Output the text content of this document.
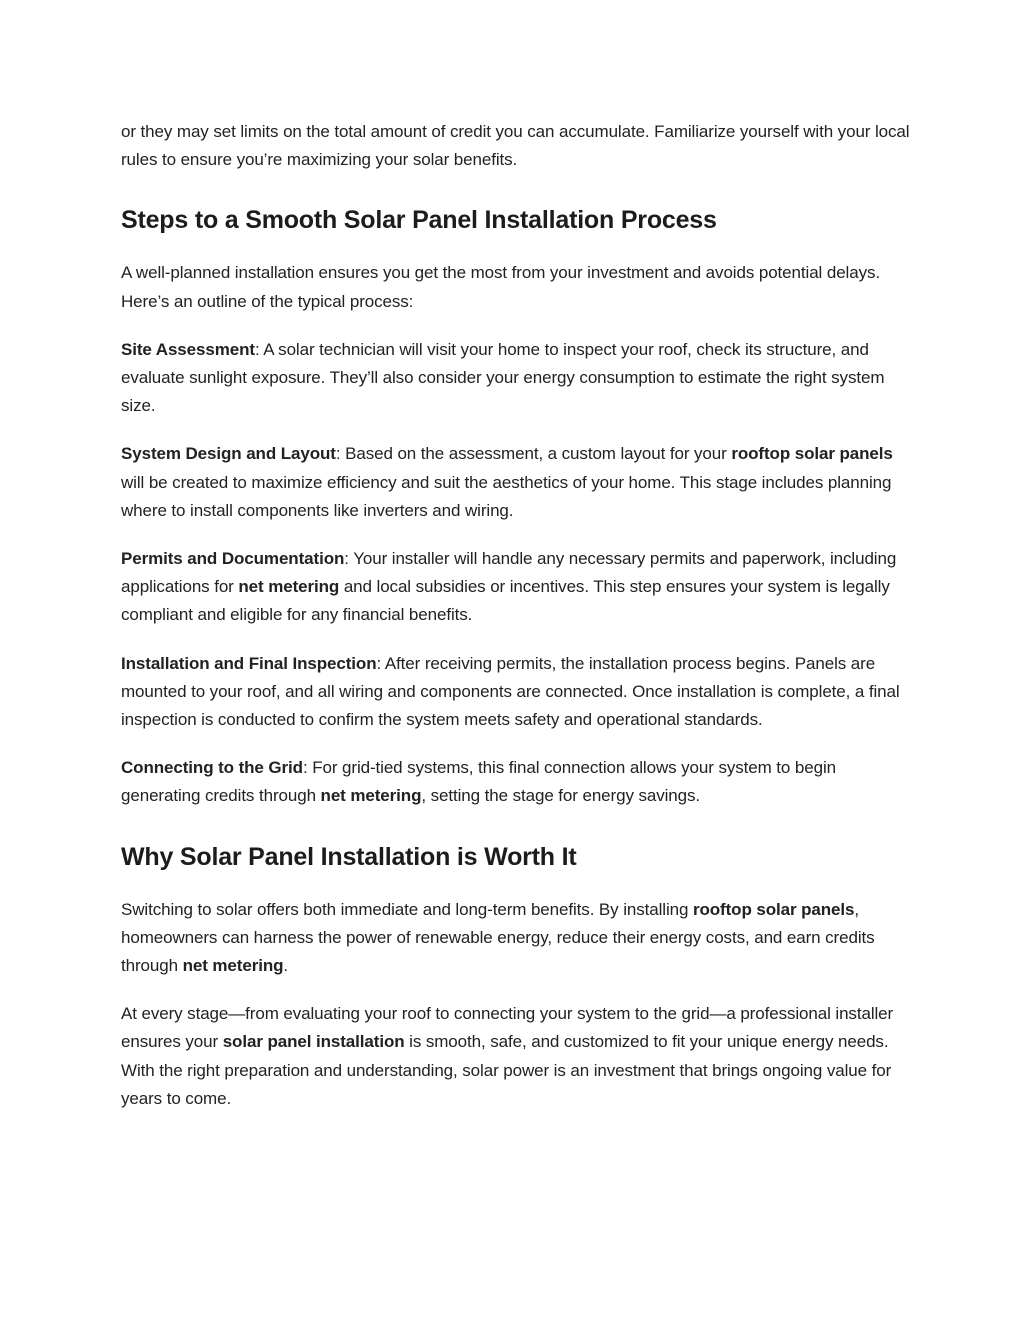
or they may set limits on the total amount of credit you can accumulate. Familiarize yourself with your local rules to ensure you’re maximizing your solar benefits.

Steps to a Smooth Solar Panel Installation Process

A well-planned installation ensures you get the most from your investment and avoids potential delays. Here’s an outline of the typical process:

Site Assessment: A solar technician will visit your home to inspect your roof, check its structure, and evaluate sunlight exposure. They’ll also consider your energy consumption to estimate the right system size.

System Design and Layout: Based on the assessment, a custom layout for your rooftop solar panels will be created to maximize efficiency and suit the aesthetics of your home. This stage includes planning where to install components like inverters and wiring.

Permits and Documentation: Your installer will handle any necessary permits and paperwork, including applications for net metering and local subsidies or incentives. This step ensures your system is legally compliant and eligible for any financial benefits.

Installation and Final Inspection: After receiving permits, the installation process begins. Panels are mounted to your roof, and all wiring and components are connected. Once installation is complete, a final inspection is conducted to confirm the system meets safety and operational standards.

Connecting to the Grid: For grid-tied systems, this final connection allows your system to begin generating credits through net metering, setting the stage for energy savings.

Why Solar Panel Installation is Worth It

Switching to solar offers both immediate and long-term benefits. By installing rooftop solar panels, homeowners can harness the power of renewable energy, reduce their energy costs, and earn credits through net metering.

At every stage—from evaluating your roof to connecting your system to the grid—a professional installer ensures your solar panel installation is smooth, safe, and customized to fit your unique energy needs. With the right preparation and understanding, solar power is an investment that brings ongoing value for years to come.
